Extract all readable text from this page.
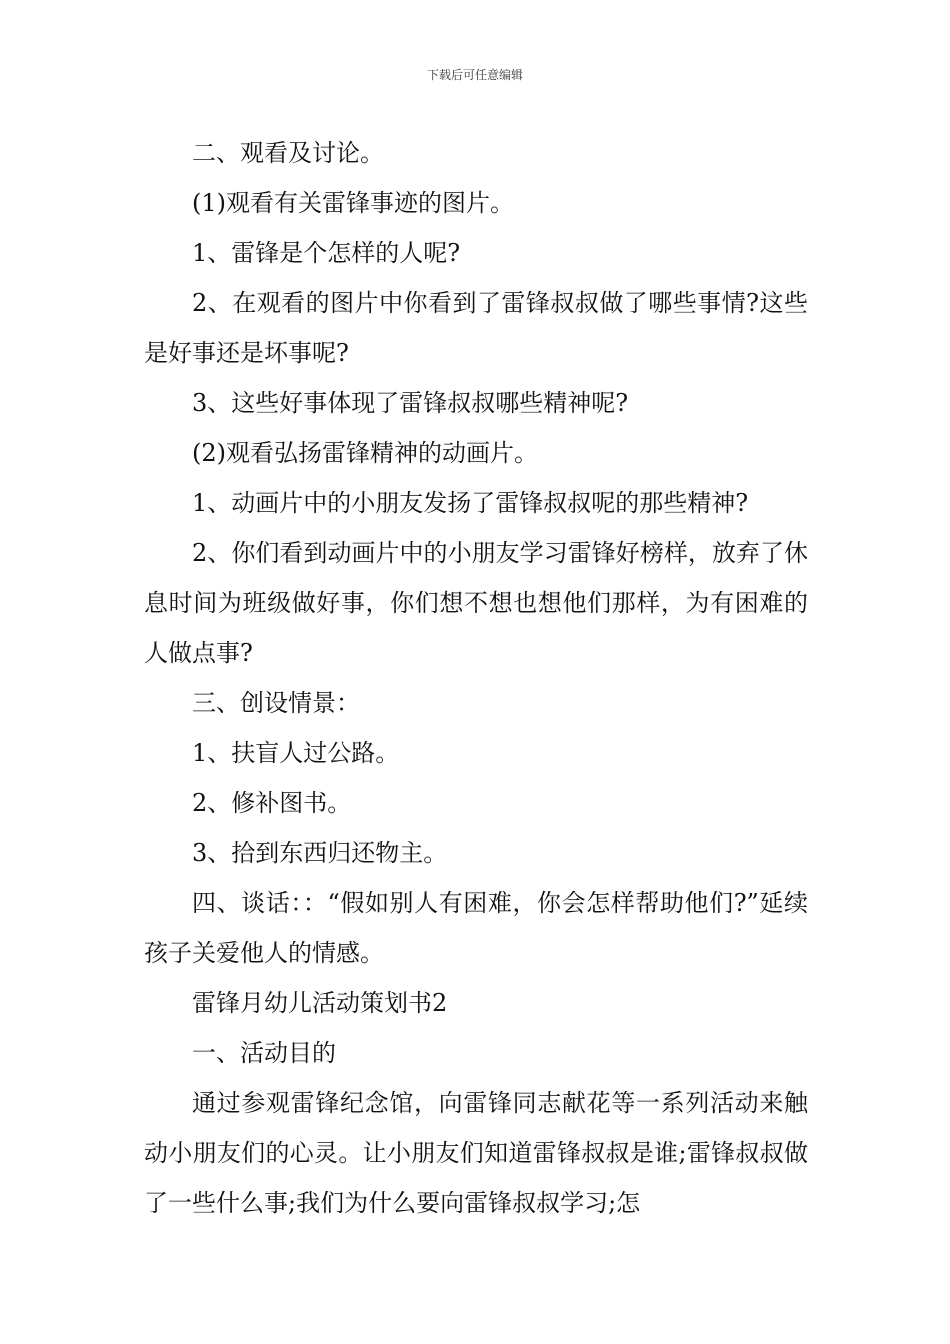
下载后可任意编辑

二、观看及讨论。

(1)观看有关雷锋事迹的图片。

1、雷锋是个怎样的人呢?

2、在观看的图片中你看到了雷锋叔叔做了哪些事情?这些是好事还是坏事呢?

3、这些好事体现了雷锋叔叔哪些精神呢?

(2)观看弘扬雷锋精神的动画片。

1、动画片中的小朋友发扬了雷锋叔叔呢的那些精神?

2、你们看到动画片中的小朋友学习雷锋好榜样，放弃了休息时间为班级做好事，你们想不想也想他们那样，为有困难的人做点事?

三、创设情景：

1、扶盲人过公路。

2、修补图书。

3、拾到东西归还物主。

四、谈话：：“假如别人有困难，你会怎样帮助他们?”延续孩子关爱他人的情感。

雷锋月幼儿活动策划书2

一、活动目的

通过参观雷锋纪念馆，向雷锋同志献花等一系列活动来触动小朋友们的心灵。让小朋友们知道雷锋叔叔是谁;雷锋叔叔做了一些什么事;我们为什么要向雷锋叔叔学习;怎
